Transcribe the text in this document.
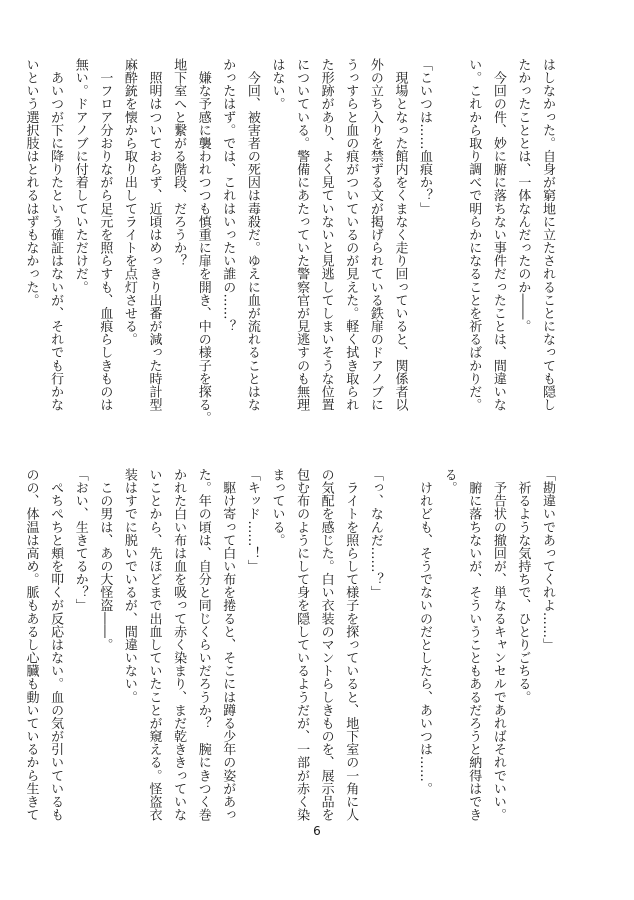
はしなかった。自身が窮地に立たされることになっても隠し
たかったこととは、一体なんだったのか――。
　今回の件、妙に腑に落ちない事件だったことは、間違いな
い。これから取り調べで明らかになることを祈るばかりだ。

「こいつは……血痕か？」
　現場となった館内をくまなく走り回っていると、関係者以
外の立ち入りを禁ずる文が掲げられている鉄扉のドアノブに
うっすらと血の痕がついているのが見えた。軽く拭き取られ
た形跡があり、よく見ていないと見逃してしまいそうな位置
についている。警備にあたっていた警察官が見逃すのも無理
はない。
　今回、被害者の死因は毒殺だ。ゆえに血が流れることはな
かったはず。では、これはいったい誰の……？
　嫌な予感に襲われつつも慎重に扉を開き、中の様子を探る。
地下室へと繋がる階段、だろうか？
　照明はついておらず、近頃はめっきり出番が減った時計型
麻酔銃を懐から取り出してライトを点灯させる。
　一フロア分おりながら足元を照らすも、血痕らしきものは
無い。ドアノブに付着していただけだ。
　あいつが下に降りたという確証はないが、それでも行かな
いという選択肢はとれるはずもなかった。
「勘違いであってくれよ……」
　祈るような気持ちで、ひとりごちる。
　予告状の撤回が、単なるキャンセルであればそれでいい。
　腑に落ちないが、そういうこともあるだろうと納得はでき
る。
　けれども、そうでないのだとしたら、あいつは……。

「っ、なんだ……？」
　ライトを照らして様子を探っていると、地下室の一角に人
の気配を感じた。白い衣装のマントらしきものを、展示品を
包む布のようにして身を隠しているようだが、一部が赤く染
まっている。
「キッド……！」
　駆け寄って白い布を捲ると、そこには蹲る少年の姿があっ
た。年の頃は、自分と同じくらいだろうか？　腕にきつく巻
かれた白い布は血を吸って赤く染まり、まだ乾ききっていな
いことから、先ほどまで出血していたことが窺える。怪盗衣
装はすでに脱いでいるが、間違いない。
　この男は、あの大怪盗――。
「おい、生きてるか？」
　ぺちぺちと頬を叩くが反応はない。血の気が引いているも
のの、体温は高め。脈もあるし心臓も動いているから生きて
6
